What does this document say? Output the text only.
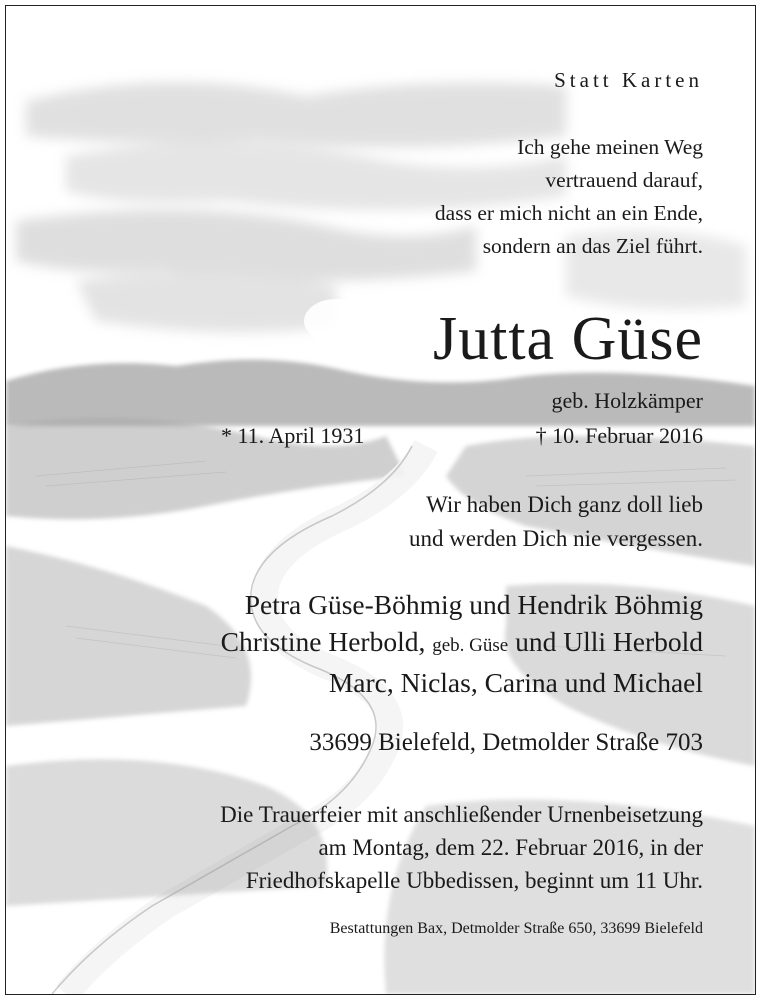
Statt Karten
Ich gehe meinen Weg
vertrauend darauf,
dass er mich nicht an ein Ende,
sondern an das Ziel führt.
Jutta Güse
geb. Holzkämper
* 11. April 1931	† 10. Februar 2016
Wir haben Dich ganz doll lieb
und werden Dich nie vergessen.
Petra Güse-Böhmig und Hendrik Böhmig
Christine Herbold, geb. Güse und Ulli Herbold
Marc, Niclas, Carina und Michael
33699 Bielefeld, Detmolder Straße 703
Die Trauerfeier mit anschließender Urnenbeisetzung
am Montag, dem 22. Februar 2016, in der
Friedhofskapelle Ubbedissen, beginnt um 11 Uhr.
Bestattungen Bax, Detmolder Straße 650, 33699 Bielefeld
